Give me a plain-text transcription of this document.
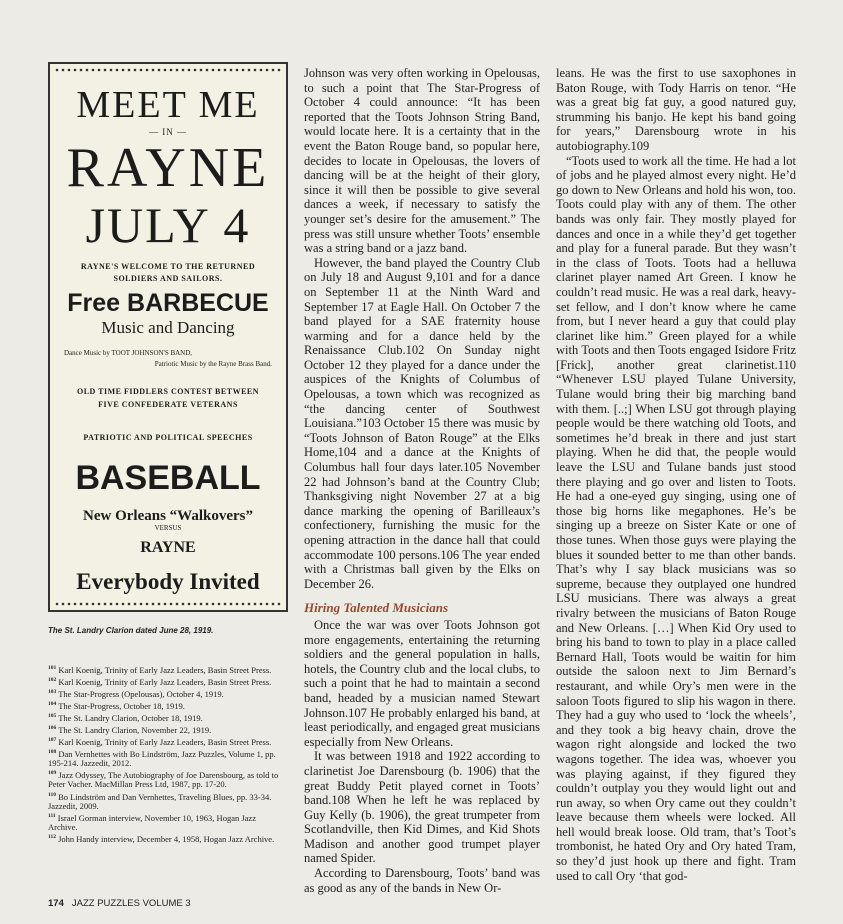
MEET ME
— IN —
RAYNE
JULY 4
RAYNE'S WELCOME TO THE RETURNED
SOLDIERS AND SAILORS.
Free BARBECUE
Music and Dancing
Dance Music by TOOT JOHNSON'S BAND,
Patriotic Music by the Rayne Brass Band.
OLD TIME FIDDLERS CONTEST BETWEEN
FIVE CONFEDERATE VETERANS
PATRIOTIC AND POLITICAL SPEECHES
BASEBALL
New Orleans “Walkovers”
VERSUS
RAYNE
Everybody Invited
The St. Landry Clarion dated June 28, 1919.

$^{101}$ Karl Koenig, Trinity of Early Jazz Leaders, Basin Street Press.

$^{102}$ Karl Koenig, Trinity of Early Jazz Leaders, Basin Street Press.

$^{103}$ The Star-Progress (Opelousas), October 4, 1919.

$^{104}$ The Star-Progress, October 18, 1919.

$^{105}$ The St. Landry Clarion, October 18, 1919.

$^{106}$ The St. Landry Clarion, November 22, 1919.

$^{107}$ Karl Koenig, Trinity of Early Jazz Leaders, Basin Street Press.

$^{108}$ Dan Vernhettes with Bo Lindström, Jazz Puzzles, Volume 1, pp. 195-214. Jazzedit, 2012.

$^{109}$ Jazz Odyssey, The Autobiography of Joe Darensbourg, as told to Peter Vacher. MacMillan Press Ltd, 1987, pp. 17-20.

$^{110}$ Bo Lindström and Dan Vernhettes, Traveling Blues, pp. 33-34. Jazzedit, 2009.

$^{111}$ Israel Gorman interview, November 10, 1963, Hogan Jazz Archive.

$^{112}$ John Handy interview, December 4, 1958, Hogan Jazz Archive.

Johnson was very often working in Opelousas, to such a point that The Star-Progress of October 4 could announce: “It has been reported that the Toots Johnson String Band, would locate here. It is a certainty that in the event the Baton Rouge band, so popular here, decides to locate in Opelousas, the lovers of dancing will be at the height of their glory, since it will then be possible to give several dances a week, if necessary to satisfy the younger set’s desire for the amusement.” The press was still unsure whether Toots’ ensemble was a string band or a jazz band.

However, the band played the Country Club on July 18 and August 9,101 and for a dance on September 11 at the Ninth Ward and September 17 at Eagle Hall. On October 7 the band played for a SAE fraternity house warming and for a dance held by the Renaissance Club.102 On Sunday night October 12 they played for a dance under the auspices of the Knights of Columbus of Opelousas, a town which was recognized as “the dancing center of Southwest Louisiana.”103 October 15 there was music by “Toots Johnson of Baton Rouge” at the Elks Home,104 and a dance at the Knights of Columbus hall four days later.105 November 22 had Johnson’s band at the Country Club; Thanksgiving night November 27 at a big dance marking the opening of Barilleaux’s confectionery, furnishing the music for the opening attraction in the dance hall that could accommodate 100 persons.106 The year ended with a Christmas ball given by the Elks on December 26.

Hiring Talented Musicians

Once the war was over Toots Johnson got more engagements, entertaining the returning soldiers and the general population in halls, hotels, the Country club and the local clubs, to such a point that he had to maintain a second band, headed by a musician named Stewart Johnson.107 He probably enlarged his band, at least periodically, and engaged great musicians especially from New Orleans.

It was between 1918 and 1922 according to clarinetist Joe Darensbourg (b. 1906) that the great Buddy Petit played cornet in Toots’ band.108 When he left he was replaced by Guy Kelly (b. 1906), the great trumpeter from Scotlandville, then Kid Dimes, and Kid Shots Madison and another good trumpet player named Spider.

According to Darensbourg, Toots’ band was as good as any of the bands in New Or-

leans. He was the first to use saxophones in Baton Rouge, with Tody Harris on tenor. “He was a great big fat guy, a good natured guy, strumming his banjo. He kept his band going for years,” Darensbourg wrote in his autobiography.109

“Toots used to work all the time. He had a lot of jobs and he played almost every night. He’d go down to New Orleans and hold his won, too. Toots could play with any of them. The other bands was only fair. They mostly played for dances and once in a while they’d get together and play for a funeral parade. But they wasn’t in the class of Toots. Toots had a helluwa clarinet player named Art Green. I know he couldn’t read music. He was a real dark, heavy-set fellow, and I don’t know where he came from, but I never heard a guy that could play clarinet like him.” Green played for a while with Toots and then Toots engaged Isidore Fritz [Frick], another great clarinetist.110 “Whenever LSU played Tulane University, Tulane would bring their big marching band with them. [..;] When LSU got through playing people would be there watching old Toots, and sometimes he’d break in there and just start playing. When he did that, the people would leave the LSU and Tulane bands just stood there playing and go over and listen to Toots. He had a one-eyed guy singing, using one of those big horns like megaphones. He’s be singing up a breeze on Sister Kate or one of those tunes. When those guys were playing the blues it sounded better to me than other bands. That’s why I say black musicians was so supreme, because they outplayed one hundred LSU musicians. There was always a great rivalry between the musicians of Baton Rouge and New Orleans. […] When Kid Ory used to bring his band to town to play in a place called Bernard Hall, Toots would be waitin for him outside the saloon next to Jim Bernard’s restaurant, and while Ory’s men were in the saloon Toots figured to slip his wagon in there. They had a guy who used to ‘lock the wheels’, and they took a big heavy chain, drove the wagon right alongside and locked the two wagons together. The idea was, whoever you was playing against, if they figured they couldn’t outplay you they would light out and run away, so when Ory came out they couldn’t leave because them wheels were locked. All hell would break loose. Old tram, that’s Toot’s trombonist, he hated Ory and Ory hated Tram, so they’d just hook up there and fight. Tram used to call Ory ‘that god-

174 JAZZ PUZZLES VOLUME 3
